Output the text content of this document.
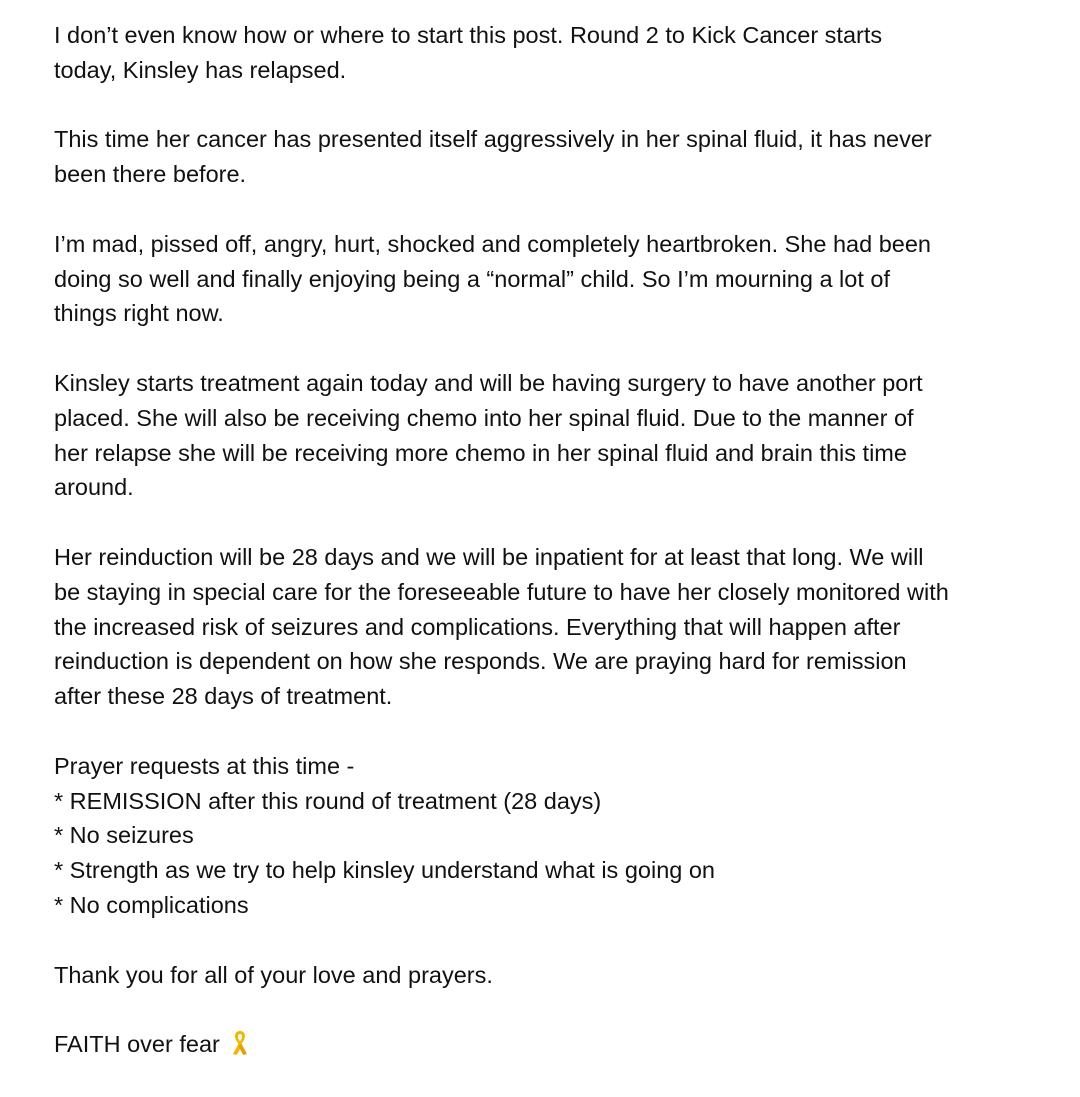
I don’t even know how or where to start this post. Round 2 to Kick Cancer starts
today, Kinsley has relapsed.

This time her cancer has presented itself aggressively in her spinal fluid, it has never
been there before.

I’m mad, pissed off, angry, hurt, shocked and completely heartbroken. She had been
doing so well and finally enjoying being a “normal” child. So I’m mourning a lot of
things right now.

Kinsley starts treatment again today and will be having surgery to have another port
placed. She will also be receiving chemo into her spinal fluid. Due to the manner of
her relapse she will be receiving more chemo in her spinal fluid and brain this time
around.

Her reinduction will be 28 days and we will be inpatient for at least that long. We will
be staying in special care for the foreseeable future to have her closely monitored with
the increased risk of seizures and complications. Everything that will happen after
reinduction is dependent on how she responds. We are praying hard for remission
after these 28 days of treatment.

Prayer requests at this time -
* REMISSION after this round of treatment (28 days)
* No seizures
* Strength as we try to help kinsley understand what is going on
* No complications

Thank you for all of your love and prayers.

FAITH over fear
